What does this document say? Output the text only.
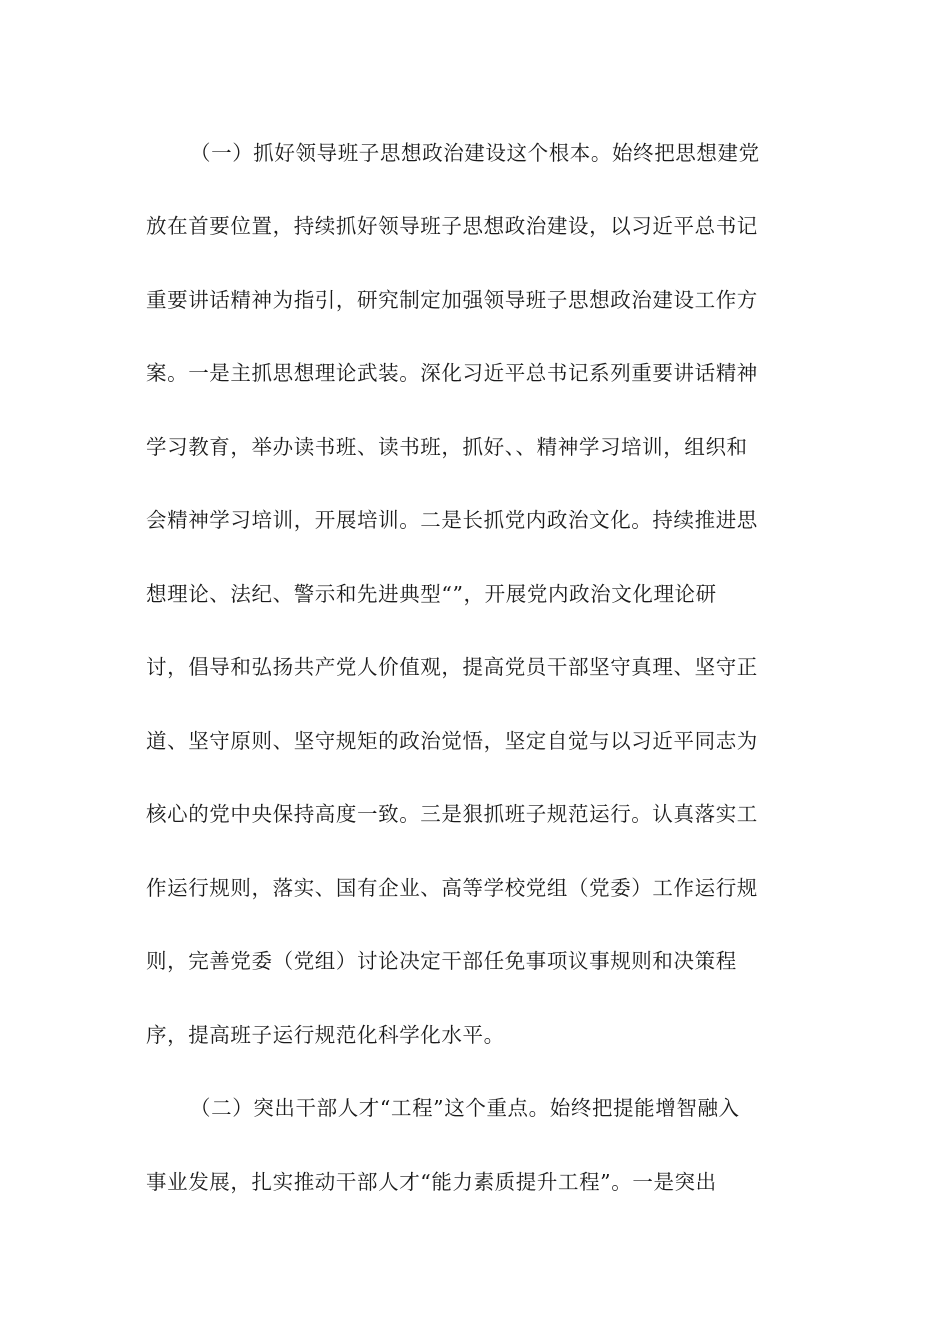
（一）抓好领导班子思想政治建设这个根本。始终把思想建党
放在首要位置，持续抓好领导班子思想政治建设，以习近平总书记
重要讲话精神为指引，研究制定加强领导班子思想政治建设工作方
案。一是主抓思想理论武装。深化习近平总书记系列重要讲话精神
学习教育，举办读书班、读书班，抓好、、精神学习培训，组织和
会精神学习培训，开展培训。二是长抓党内政治文化。持续推进思
想理论、法纪、警示和先进典型“”，开展党内政治文化理论研
讨，倡导和弘扬共产党人价值观，提高党员干部坚守真理、坚守正
道、坚守原则、坚守规矩的政治觉悟，坚定自觉与以习近平同志为
核心的党中央保持高度一致。三是狠抓班子规范运行。认真落实工
作运行规则，落实、国有企业、高等学校党组（党委）工作运行规
则，完善党委（党组）讨论决定干部任免事项议事规则和决策程
序，提高班子运行规范化科学化水平。
（二）突出干部人才“工程”这个重点。始终把提能增智融入
事业发展，扎实推动干部人才“能力素质提升工程”。一是突出
